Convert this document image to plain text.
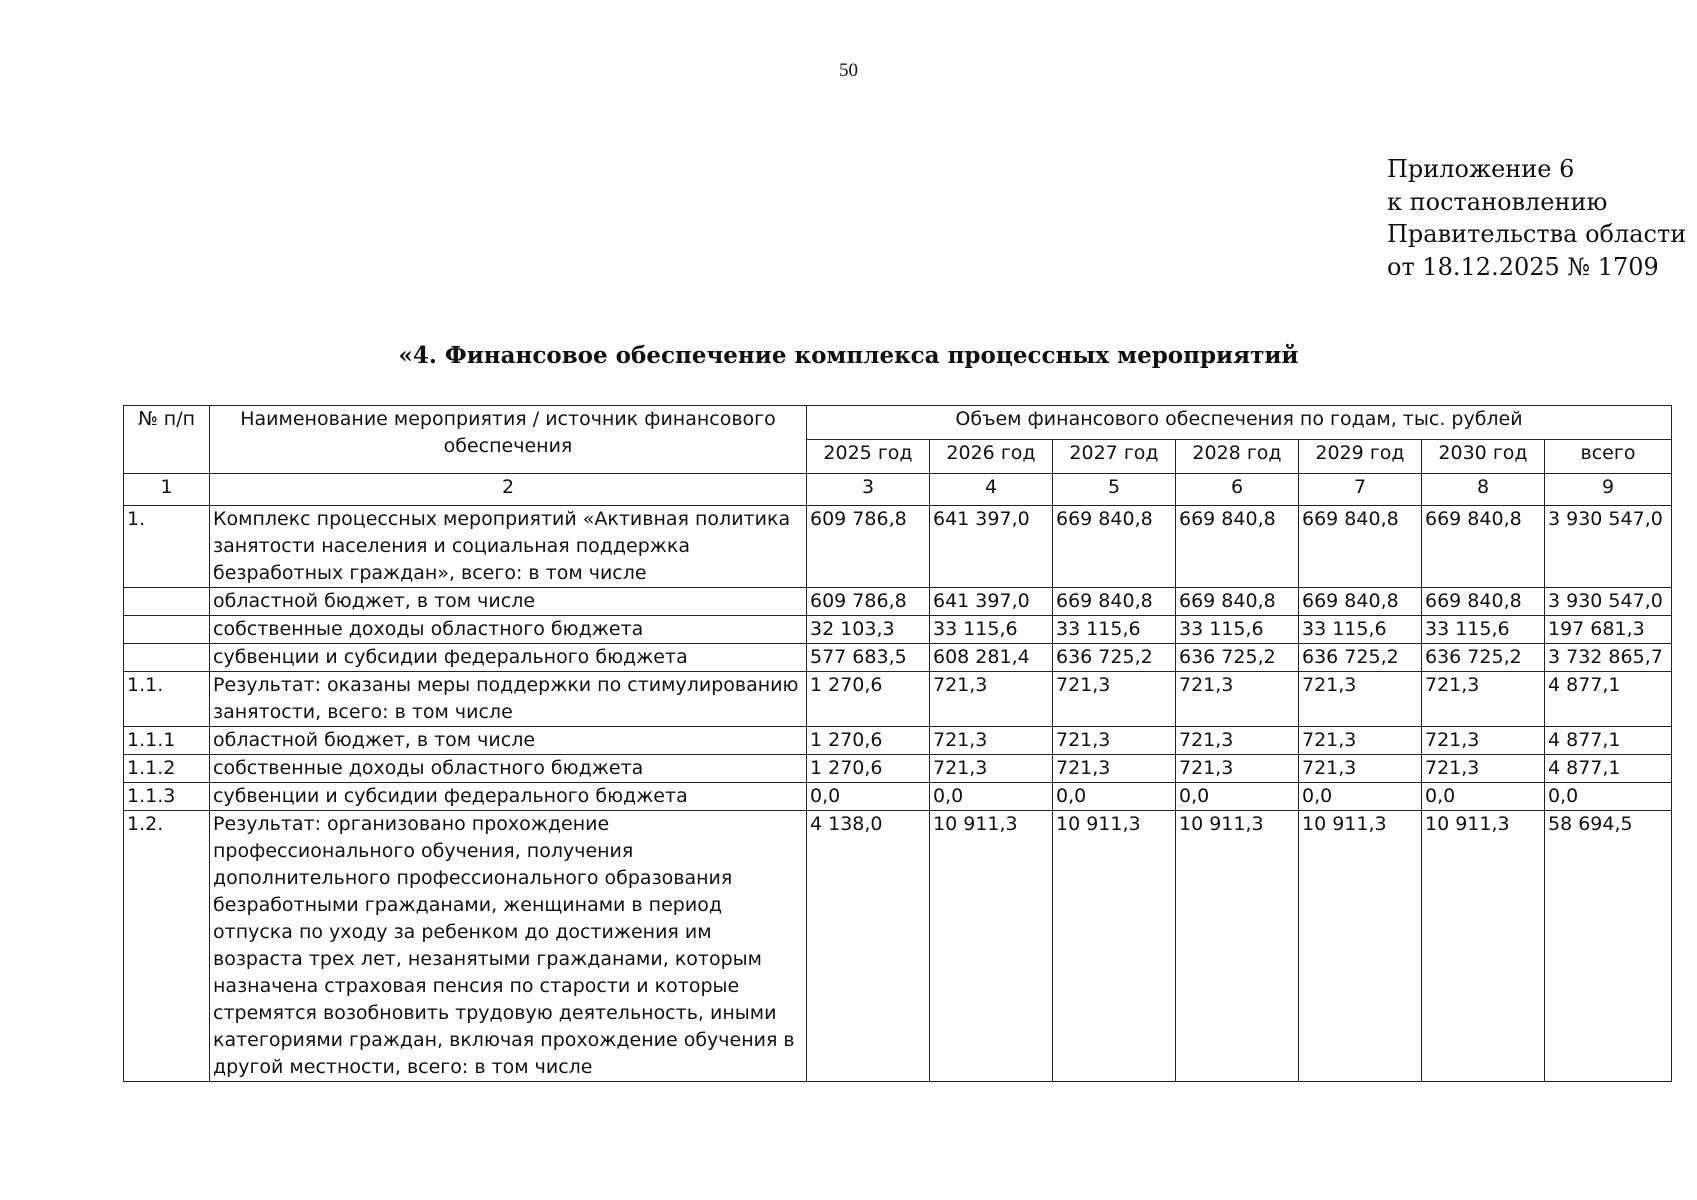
50
Приложение 6
к постановлению
Правительства области
от 18.12.2025 № 1709
«4. Финансовое обеспечение комплекса процессных мероприятий
№ п/п	Наименование мероприятия / источник финансового обеспечения	Объем финансового обеспечения по годам, тыс. рублей						
		2025 год	2026 год	2027 год	2028 год	2029 год	2030 год	всего
1	2	3	4	5	6	7	8	9
1.	Комплекс процессных мероприятий «Активная политика занятости населения и социальная поддержка безработных граждан», всего: в том числе	609 786,8	641 397,0	669 840,8	669 840,8	669 840,8	669 840,8	3 930 547,0
	областной бюджет, в том числе	609 786,8	641 397,0	669 840,8	669 840,8	669 840,8	669 840,8	3 930 547,0
	собственные доходы областного бюджета	32 103,3	33 115,6	33 115,6	33 115,6	33 115,6	33 115,6	197 681,3
	субвенции и субсидии федерального бюджета	577 683,5	608 281,4	636 725,2	636 725,2	636 725,2	636 725,2	3 732 865,7
1.1.	Результат: оказаны меры поддержки по стимулированию занятости, всего: в том числе	1 270,6	721,3	721,3	721,3	721,3	721,3	4 877,1
1.1.1	областной бюджет, в том числе	1 270,6	721,3	721,3	721,3	721,3	721,3	4 877,1
1.1.2	собственные доходы областного бюджета	1 270,6	721,3	721,3	721,3	721,3	721,3	4 877,1
1.1.3	субвенции и субсидии федерального бюджета	0,0	0,0	0,0	0,0	0,0	0,0	0,0
1.2.	Результат: организовано прохождение профессионального обучения, получения дополнительного профессионального образования безработными гражданами, женщинами в период отпуска по уходу за ребенком до достижения им возраста трех лет, незанятыми гражданами, которым назначена страховая пенсия по старости и которые стремятся возобновить трудовую деятельность, иными категориями граждан, включая прохождение обучения в другой местности, всего: в том числе	4 138,0	10 911,3	10 911,3	10 911,3	10 911,3	10 911,3	58 694,5
